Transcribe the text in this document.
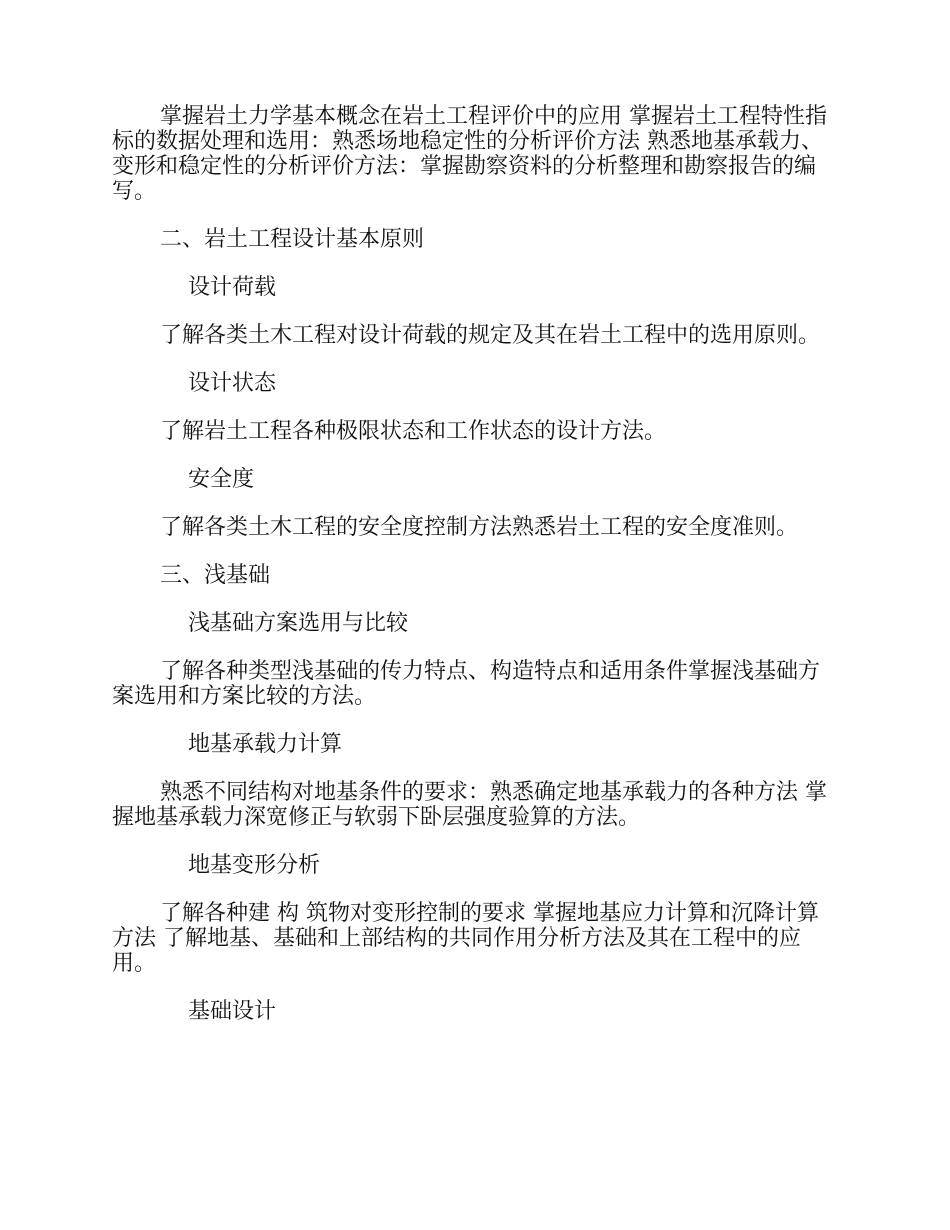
掌握岩土力学基本概念在岩土工程评价中的应用 掌握岩土工程特性指标的数据处理和选用：熟悉场地稳定性的分析评价方法 熟悉地基承载力、变形和稳定性的分析评价方法：掌握勘察资料的分析整理和勘察报告的编写。

二、岩土工程设计基本原则

设计荷载

了解各类土木工程对设计荷载的规定及其在岩土工程中的选用原则。

设计状态

了解岩土工程各种极限状态和工作状态的设计方法。

安全度

了解各类土木工程的安全度控制方法熟悉岩土工程的安全度准则。

三、浅基础

浅基础方案选用与比较

了解各种类型浅基础的传力特点、构造特点和适用条件掌握浅基础方案选用和方案比较的方法。

地基承载力计算

熟悉不同结构对地基条件的要求：熟悉确定地基承载力的各种方法 掌握地基承载力深宽修正与软弱下卧层强度验算的方法。

地基变形分析

了解各种建 构 筑物对变形控制的要求 掌握地基应力计算和沉降计算方法 了解地基、基础和上部结构的共同作用分析方法及其在工程中的应用。

基础设计
